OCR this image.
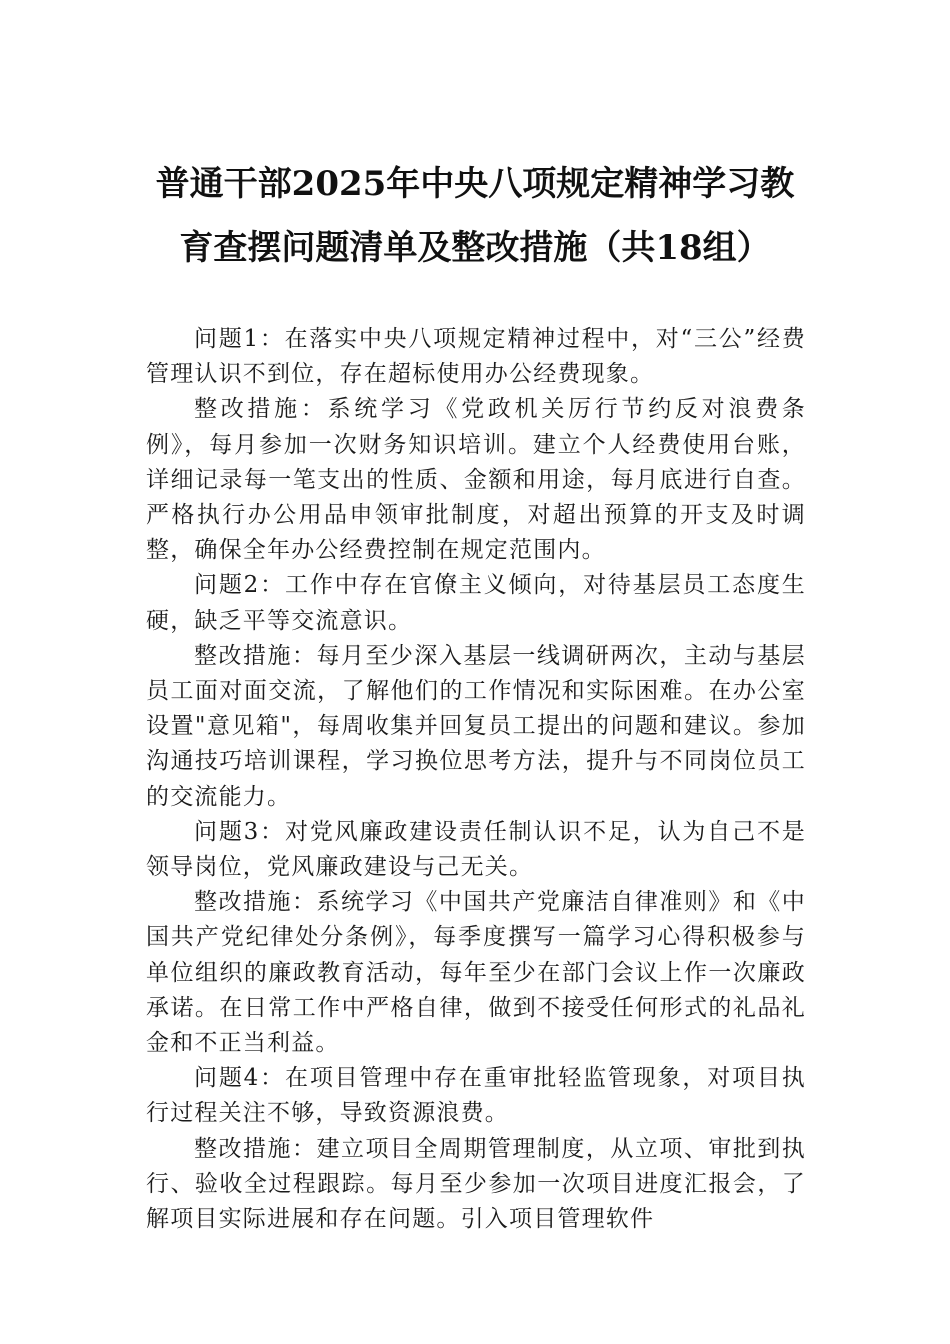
普通干部2025年中央八项规定精神学习教
育查摆问题清单及整改措施（共18组）

问题1：在落实中央八项规定精神过程中，对“三公”经费管理认识不到位，存在超标使用办公经费现象。

整改措施：系统学习《党政机关厉行节约反对浪费条例》，每月参加一次财务知识培训。建立个人经费使用台账，详细记录每一笔支出的性质、金额和用途，每月底进行自查。严格执行办公用品申领审批制度，对超出预算的开支及时调整，确保全年办公经费控制在规定范围内。

问题2：工作中存在官僚主义倾向，对待基层员工态度生硬，缺乏平等交流意识。

整改措施：每月至少深入基层一线调研两次，主动与基层员工面对面交流，了解他们的工作情况和实际困难。在办公室设置"意见箱"，每周收集并回复员工提出的问题和建议。参加沟通技巧培训课程，学习换位思考方法，提升与不同岗位员工的交流能力。

问题3：对党风廉政建设责任制认识不足，认为自己不是领导岗位，党风廉政建设与己无关。

整改措施：系统学习《中国共产党廉洁自律准则》和《中国共产党纪律处分条例》，每季度撰写一篇学习心得积极参与单位组织的廉政教育活动，每年至少在部门会议上作一次廉政承诺。在日常工作中严格自律，做到不接受任何形式的礼品礼金和不正当利益。

问题4：在项目管理中存在重审批轻监管现象，对项目执行过程关注不够，导致资源浪费。

整改措施：建立项目全周期管理制度，从立项、审批到执行、验收全过程跟踪。每月至少参加一次项目进度汇报会，了解项目实际进展和存在问题。引入项目管理软件
